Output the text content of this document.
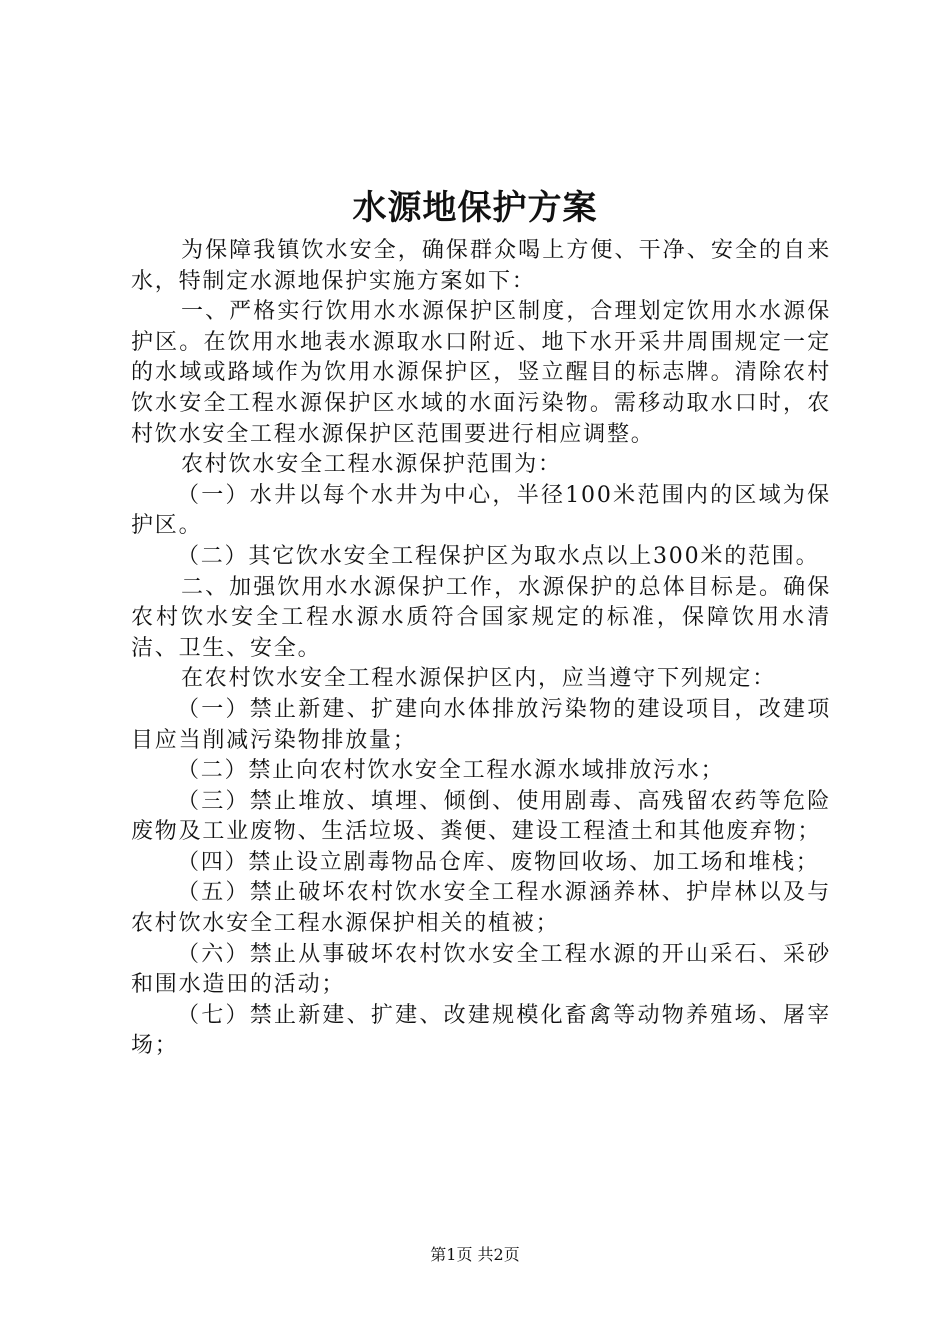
水源地保护方案

为保障我镇饮水安全，确保群众喝上方便、干净、安全的自来水，特制定水源地保护实施方案如下：

一、严格实行饮用水水源保护区制度，合理划定饮用水水源保护区。在饮用水地表水源取水口附近、地下水开采井周围规定一定的水域或路域作为饮用水源保护区，竖立醒目的标志牌。清除农村饮水安全工程水源保护区水域的水面污染物。需移动取水口时，农村饮水安全工程水源保护区范围要进行相应调整。

农村饮水安全工程水源保护范围为：

（一）水井以每个水井为中心，半径100米范围内的区域为保护区。

（二）其它饮水安全工程保护区为取水点以上300米的范围。

二、加强饮用水水源保护工作，水源保护的总体目标是。确保农村饮水安全工程水源水质符合国家规定的标准，保障饮用水清洁、卫生、安全。

在农村饮水安全工程水源保护区内，应当遵守下列规定：

（一）禁止新建、扩建向水体排放污染物的建设项目，改建项目应当削减污染物排放量；

（二）禁止向农村饮水安全工程水源水域排放污水；

（三）禁止堆放、填埋、倾倒、使用剧毒、高残留农药等危险废物及工业废物、生活垃圾、粪便、建设工程渣土和其他废弃物；

（四）禁止设立剧毒物品仓库、废物回收场、加工场和堆栈；

（五）禁止破坏农村饮水安全工程水源涵养林、护岸林以及与农村饮水安全工程水源保护相关的植被；

（六）禁止从事破坏农村饮水安全工程水源的开山采石、采砂和围水造田的活动；

（七）禁止新建、扩建、改建规模化畜禽等动物养殖场、屠宰场；

第1页 共2页
